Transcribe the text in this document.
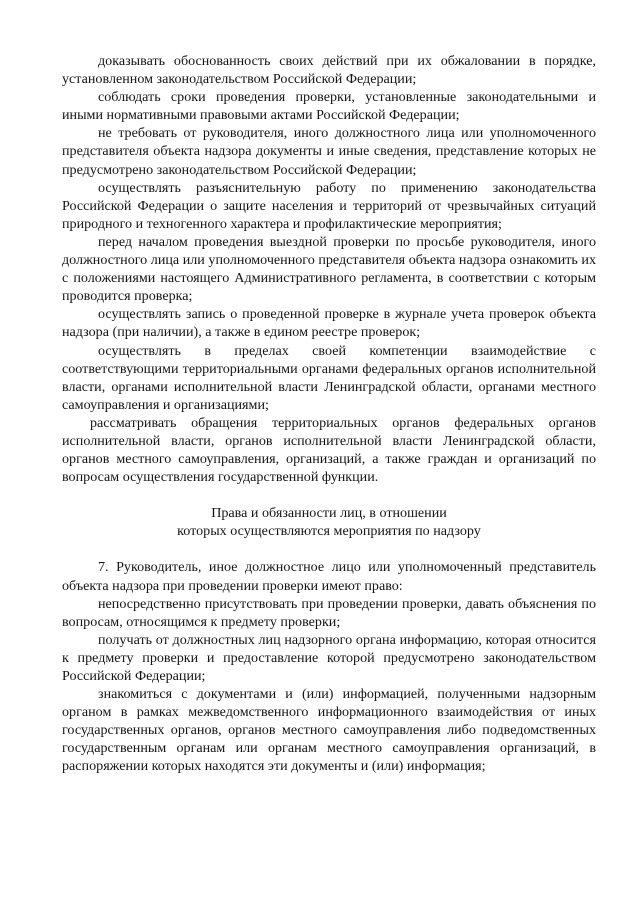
доказывать обоснованность своих действий при их обжаловании в порядке, установленном законодательством Российской Федерации;

соблюдать сроки проведения проверки, установленные законодательными и иными нормативными правовыми актами Российской Федерации;

не требовать от руководителя, иного должностного лица или уполномоченного представителя объекта надзора документы и иные сведения, представление которых не предусмотрено законодательством Российской Федерации;

осуществлять разъяснительную работу по применению законодательства Российской Федерации о защите населения и территорий от чрезвычайных ситуаций природного и техногенного характера и профилактические мероприятия;

перед началом проведения выездной проверки по просьбе руководителя, иного должностного лица или уполномоченного представителя объекта надзора ознакомить их с положениями настоящего Административного регламента, в соответствии с которым проводится проверка;

осуществлять запись о проведенной проверке в журнале учета проверок объекта надзора (при наличии), а также в едином реестре проверок;

осуществлять в пределах своей компетенции взаимодействие с соответствующими территориальными органами федеральных органов исполнительной власти, органами исполнительной власти Ленинградской области, органами местного самоуправления и организациями;

рассматривать обращения территориальных органов федеральных органов исполнительной власти, органов исполнительной власти Ленинградской области, органов местного самоуправления, организаций, а также граждан и организаций по вопросам осуществления государственной функции.

Права и обязанности лиц, в отношении

которых осуществляются мероприятия по надзору

7. Руководитель, иное должностное лицо или уполномоченный представитель объекта надзора при проведении проверки имеют право:

непосредственно присутствовать при проведении проверки, давать объяснения по вопросам, относящимся к предмету проверки;

получать от должностных лиц надзорного органа информацию, которая относится к предмету проверки и предоставление которой предусмотрено законодательством Российской Федерации;

знакомиться с документами и (или) информацией, полученными надзорным органом в рамках межведомственного информационного взаимодействия от иных государственных органов, органов местного самоуправления либо подведомственных государственным органам или органам местного самоуправления организаций, в распоряжении которых находятся эти документы и (или) информация;
